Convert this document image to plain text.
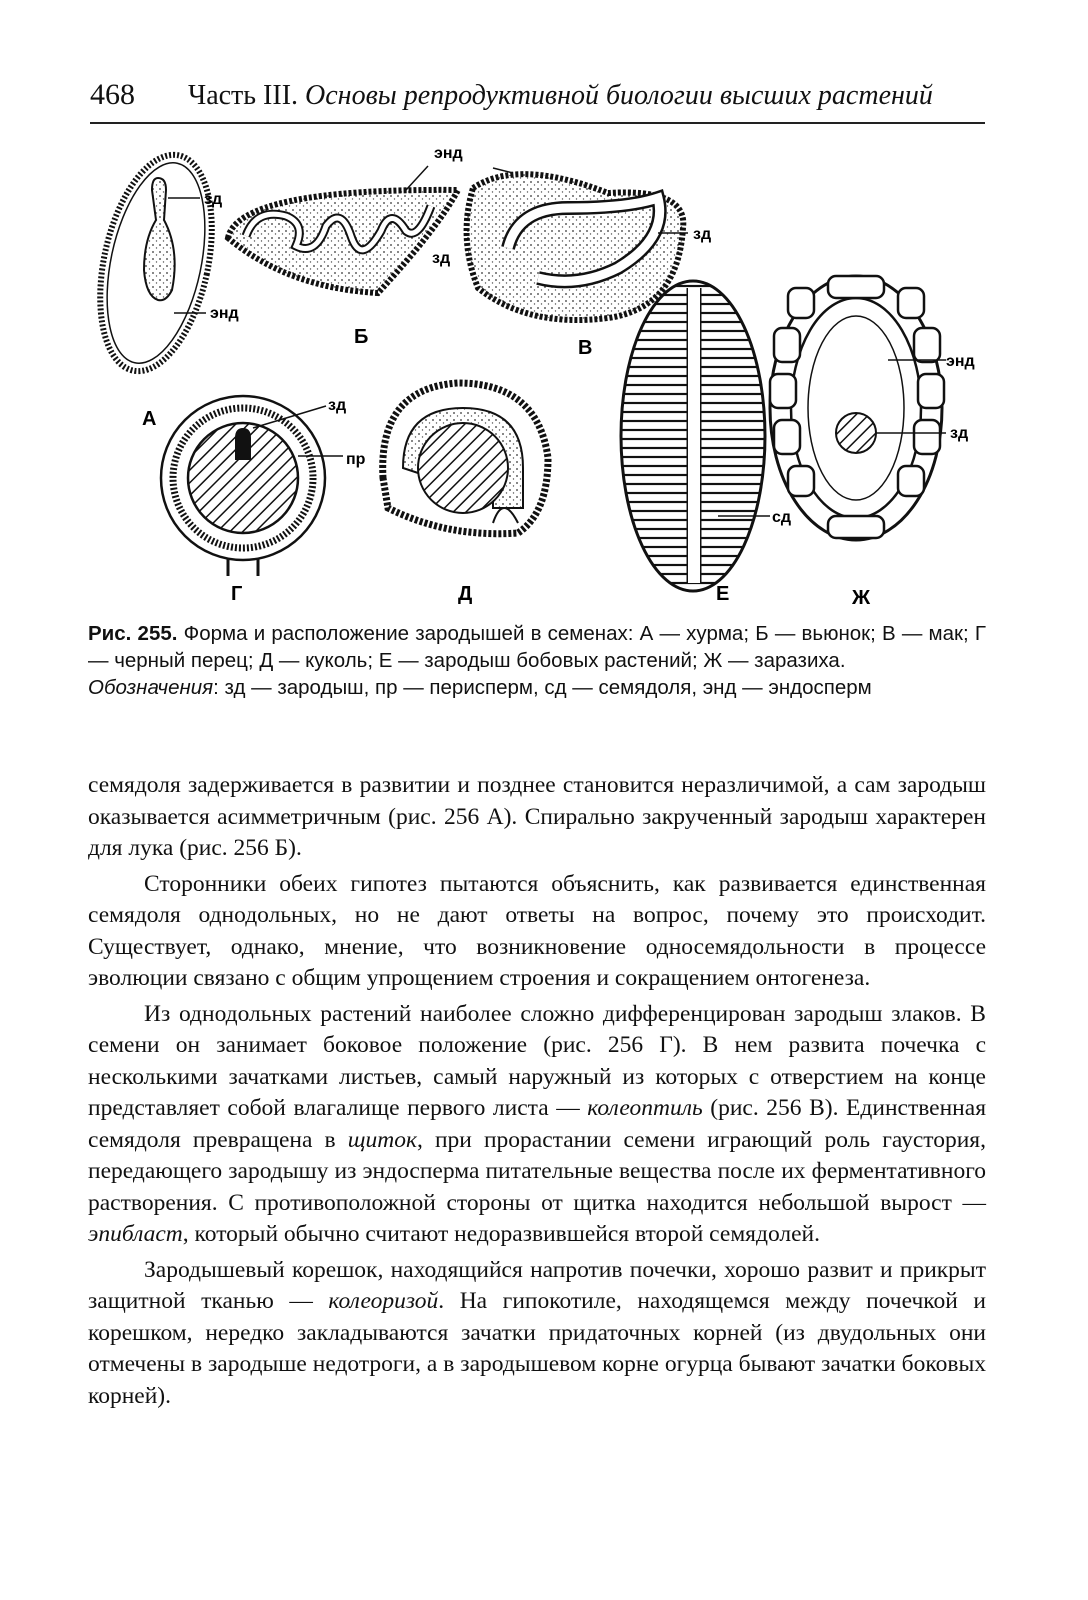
468 Часть III. Основы репродуктивной биологии высших растений
зд
энд
А
энд
зд
Б
зд
В
зд
Г
пр
Д
сд
Е
энд
зд
Ж

Рис. 255. Форма и расположение зародышей в семенах: А — хурма; Б — вьюнок; В — мак; Г — черный перец; Д — куколь; Е — зародыш бобовых растений; Ж — заразиха.

Обозначения: зд — зародыш, пр — перисперм, сд — семядоля, энд — эндосперм

семядоля задерживается в развитии и позднее становится неразличимой, а сам зародыш оказывается асимметричным (рис. 256 А). Спирально закрученный зародыш характерен для лука (рис. 256 Б).

Сторонники обеих гипотез пытаются объяснить, как развивается единственная семядоля однодольных, но не дают ответы на вопрос, почему это происходит. Существует, однако, мнение, что возникновение односемядольности в процессе эволюции связано с общим упрощением строения и сокращением онтогенеза.

Из однодольных растений наиболее сложно дифференцирован зародыш злаков. В семени он занимает боковое положение (рис. 256 Г). В нем развита почечка с несколькими зачатками листьев, самый наружный из которых с отверстием на конце представляет собой влагалище первого листа — колеоптиль (рис. 256 В). Единственная семядоля превращена в щиток, при прорастании семени играющий роль гаустория, передающего зародышу из эндосперма питательные вещества после их ферментативного растворения. С противоположной стороны от щитка находится небольшой вырост — эпибласт, который обычно считают недоразвившейся второй семядолей.

Зародышевый корешок, находящийся напротив почечки, хорошо развит и прикрыт защитной тканью — колеоризой. На гипокотиле, находящемся между почечкой и корешком, нередко закладываются зачатки придаточных корней (из двудольных они отмечены в зародыше недотроги, а в зародышевом корне огурца бывают зачатки боковых корней).
